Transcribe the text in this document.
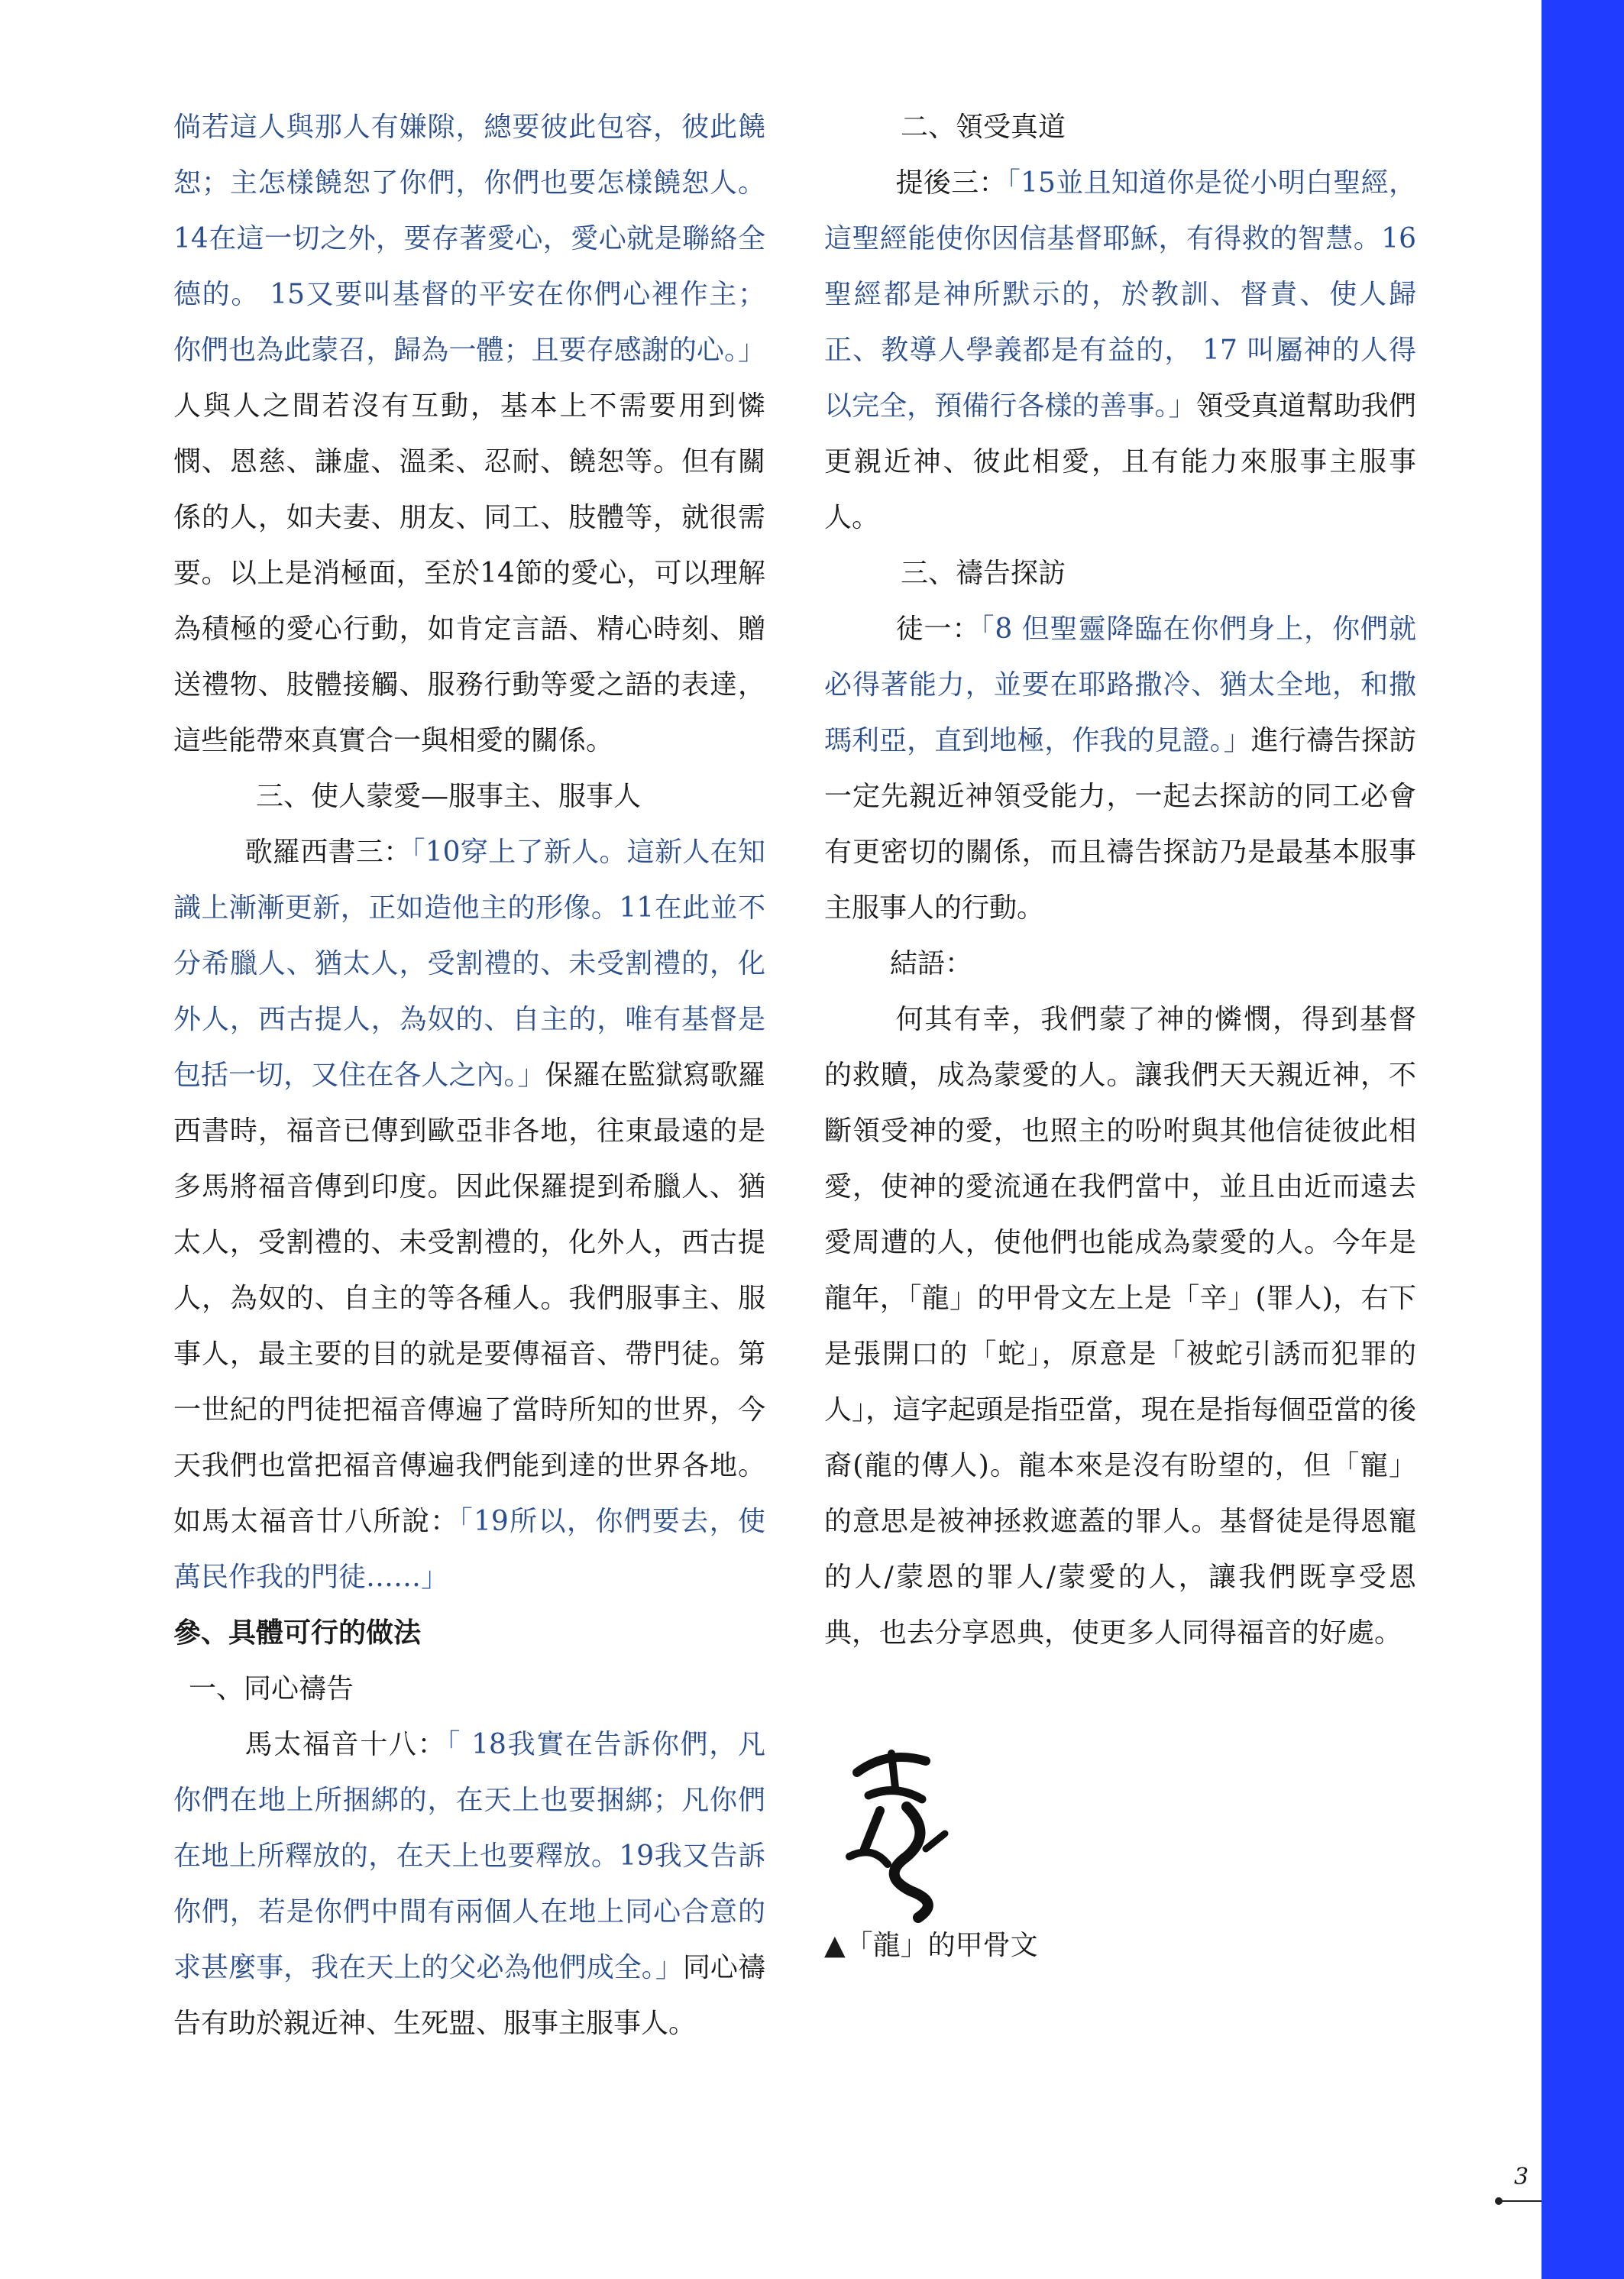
倘若這人與那人有嫌隙，總要彼此包容，彼此饒恕；主怎樣饒恕了你們，你們也要怎樣饒恕人。 14在這一切之外，要存著愛心，愛心就是聯絡全德的。 15又要叫基督的平安在你們心裡作主；你們也為此蒙召，歸為一體；且要存感謝的心。」人與人之間若沒有互動，基本上不需要用到憐憫、恩慈、謙虛、溫柔、忍耐、饒恕等。但有關係的人，如夫妻、朋友、同工、肢體等，就很需要。以上是消極面，至於14節的愛心，可以理解為積極的愛心行動，如肯定言語、精心時刻、贈送禮物、肢體接觸、服務行動等愛之語的表達，這些能帶來真實合一與相愛的關係。

三、使人蒙愛—服事主、服事人

歌羅西書三：「10穿上了新人。這新人在知識上漸漸更新，正如造他主的形像。11在此並不分希臘人、猶太人，受割禮的、未受割禮的，化外人，西古提人，為奴的、自主的，唯有基督是包括一切，又住在各人之內。」保羅在監獄寫歌羅西書時，福音已傳到歐亞非各地，往東最遠的是多馬將福音傳到印度。因此保羅提到希臘人、猶太人，受割禮的、未受割禮的，化外人，西古提人，為奴的、自主的等各種人。我們服事主、服事人，最主要的目的就是要傳福音、帶門徒。第一世紀的門徒把福音傳遍了當時所知的世界，今天我們也當把福音傳遍我們能到達的世界各地。如馬太福音廿八所說：「19所以，你們要去，使萬民作我的門徒……」

參、具體可行的做法

一、同心禱告

馬太福音十八：「 18我實在告訴你們，凡你們在地上所捆綁的，在天上也要捆綁；凡你們在地上所釋放的，在天上也要釋放。19我又告訴你們，若是你們中間有兩個人在地上同心合意的求甚麼事，我在天上的父必為他們成全。」同心禱告有助於親近神、生死盟、服事主服事人。

二、領受真道

提後三：「15並且知道你是從小明白聖經，這聖經能使你因信基督耶穌，有得救的智慧。16 聖經都是神所默示的，於教訓、督責、使人歸正、教導人學義都是有益的， 17 叫屬神的人得以完全，預備行各樣的善事。」領受真道幫助我們更親近神、彼此相愛，且有能力來服事主服事人。

三、禱告探訪

徒一：「8 但聖靈降臨在你們身上，你們就必得著能力，並要在耶路撒冷、猶太全地，和撒瑪利亞，直到地極，作我的見證。」進行禱告探訪一定先親近神領受能力，一起去探訪的同工必會有更密切的關係，而且禱告探訪乃是最基本服事主服事人的行動。

結語：

何其有幸，我們蒙了神的憐憫，得到基督的救贖，成為蒙愛的人。讓我們天天親近神，不斷領受神的愛，也照主的吩咐與其他信徒彼此相愛，使神的愛流通在我們當中，並且由近而遠去愛周遭的人，使他們也能成為蒙愛的人。今年是龍年，「龍」的甲骨文左上是「辛」(罪人)，右下是張開口的「蛇」，原意是「被蛇引誘而犯罪的人」，這字起頭是指亞當，現在是指每個亞當的後裔(龍的傳人)。龍本來是沒有盼望的，但「寵」的意思是被神拯救遮蓋的罪人。基督徒是得恩寵的人/蒙恩的罪人/蒙愛的人，讓我們既享受恩典，也去分享恩典，使更多人同得福音的好處。

▲「龍」的甲骨文
3
